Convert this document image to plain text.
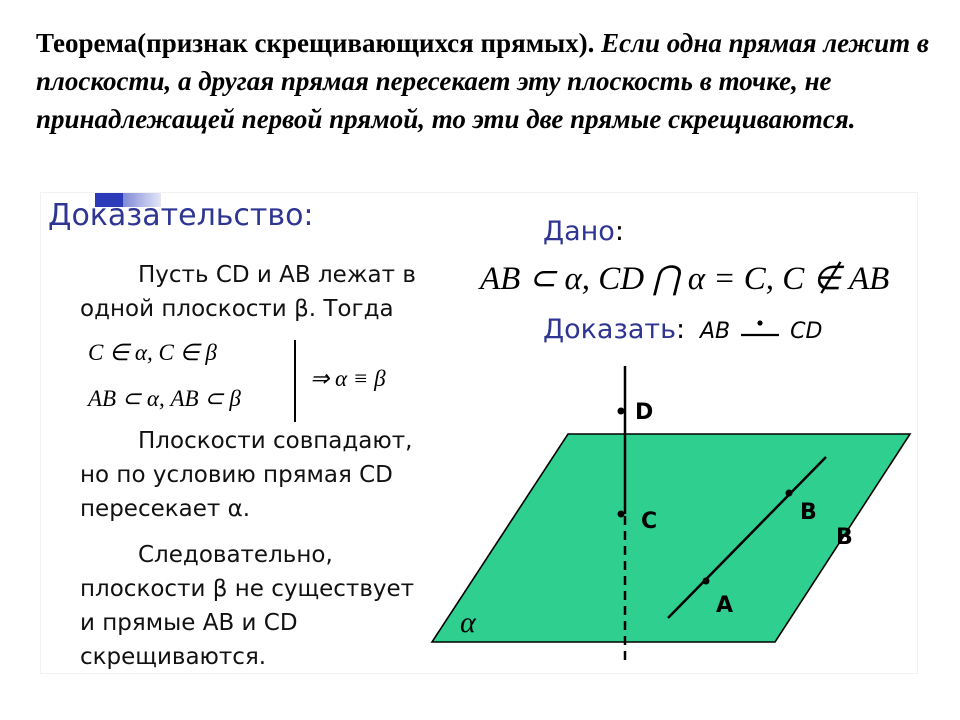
Теорема(признак скрещивающихся прямых). Если одна прямая лежит в плоскости, а другая прямая пересекает эту плоскость в точке, не принадлежащей первой прямой, то эти две прямые скрещиваются.
Доказательство:
Пусть CD и AB лежат в
одной плоскости β. Тогда
C ∈ α, C ∈ β
AB ⊂ α, AB ⊂ β
⇒ α ≡ β
Плоскости совпадают,
но по условию прямая CD
пересекает α.
Следовательно,
плоскости β не существует
и прямые AB и CD
скрещиваются.
Дано:
AB ⊂ α, CD ⋂ α = C, C ∉ AB
Доказать: AB	CD
D
C	B
B
A
α
